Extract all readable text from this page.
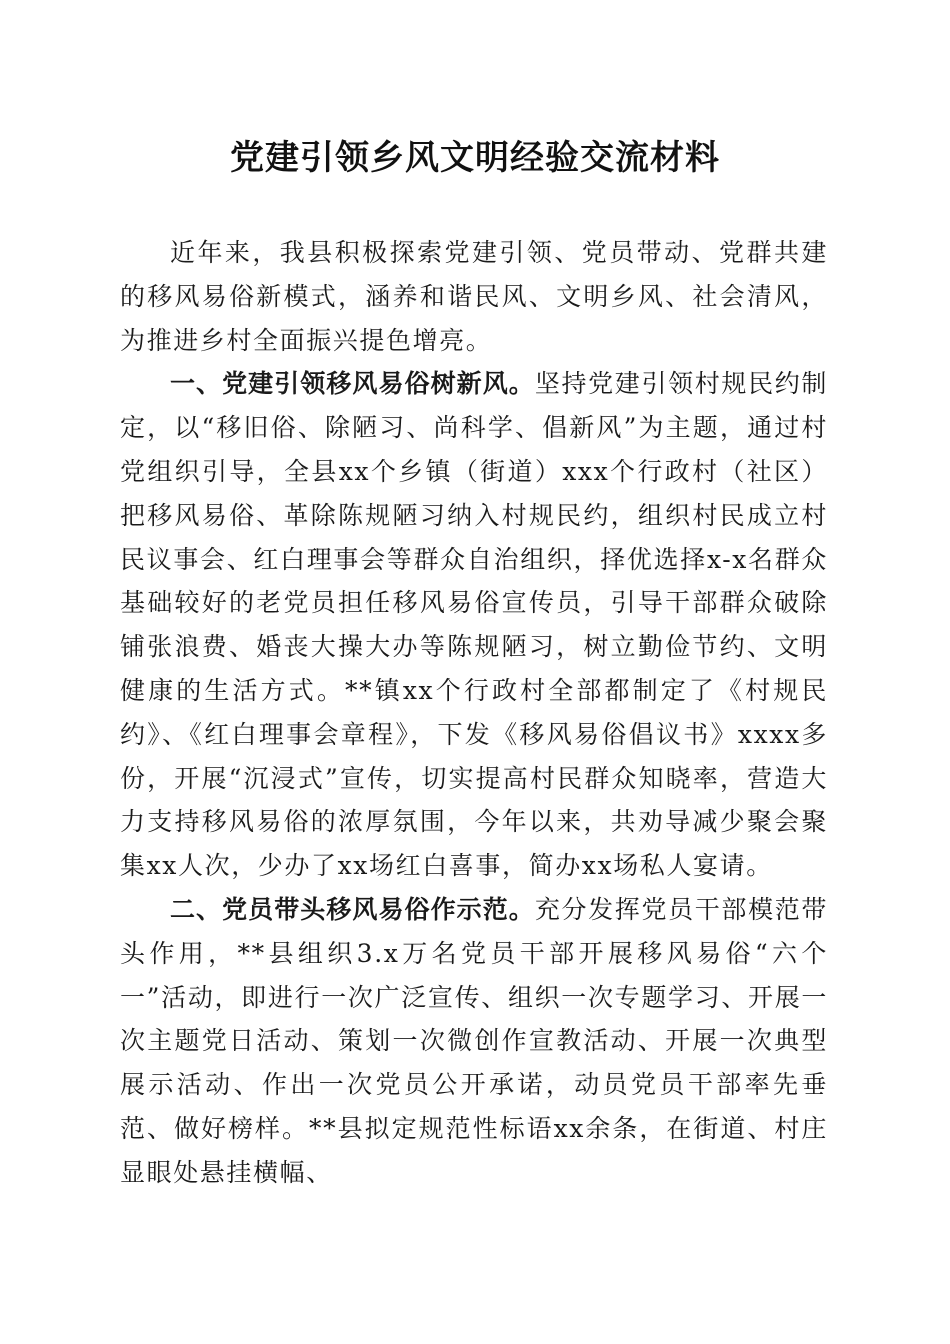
党建引领乡风文明经验交流材料

近年来，我县积极探索党建引领、党员带动、党群共建的移风易俗新模式，涵养和谐民风、文明乡风、社会清风，为推进乡村全面振兴提色增亮。

一、党建引领移风易俗树新风。坚持党建引领村规民约制定，以“移旧俗、除陋习、尚科学、倡新风”为主题，通过村党组织引导，全县xx个乡镇（街道）xxx个行政村（社区）把移风易俗、革除陈规陋习纳入村规民约，组织村民成立村民议事会、红白理事会等群众自治组织，择优选择x-x名群众基础较好的老党员担任移风易俗宣传员，引导干部群众破除铺张浪费、婚丧大操大办等陈规陋习，树立勤俭节约、文明健康的生活方式。**镇xx个行政村全部都制定了《村规民约》、《红白理事会章程》，下发《移风易俗倡议书》xxxx多份，开展“沉浸式”宣传，切实提高村民群众知晓率，营造大力支持移风易俗的浓厚氛围，今年以来，共劝导减少聚会聚集xx人次，少办了xx场红白喜事，简办xx场私人宴请。

二、党员带头移风易俗作示范。充分发挥党员干部模范带头作用，**县组织3.x万名党员干部开展移风易俗“六个一”活动，即进行一次广泛宣传、组织一次专题学习、开展一次主题党日活动、策划一次微创作宣教活动、开展一次典型展示活动、作出一次党员公开承诺，动员党员干部率先垂范、做好榜样。**县拟定规范性标语xx余条，在街道、村庄显眼处悬挂横幅、
